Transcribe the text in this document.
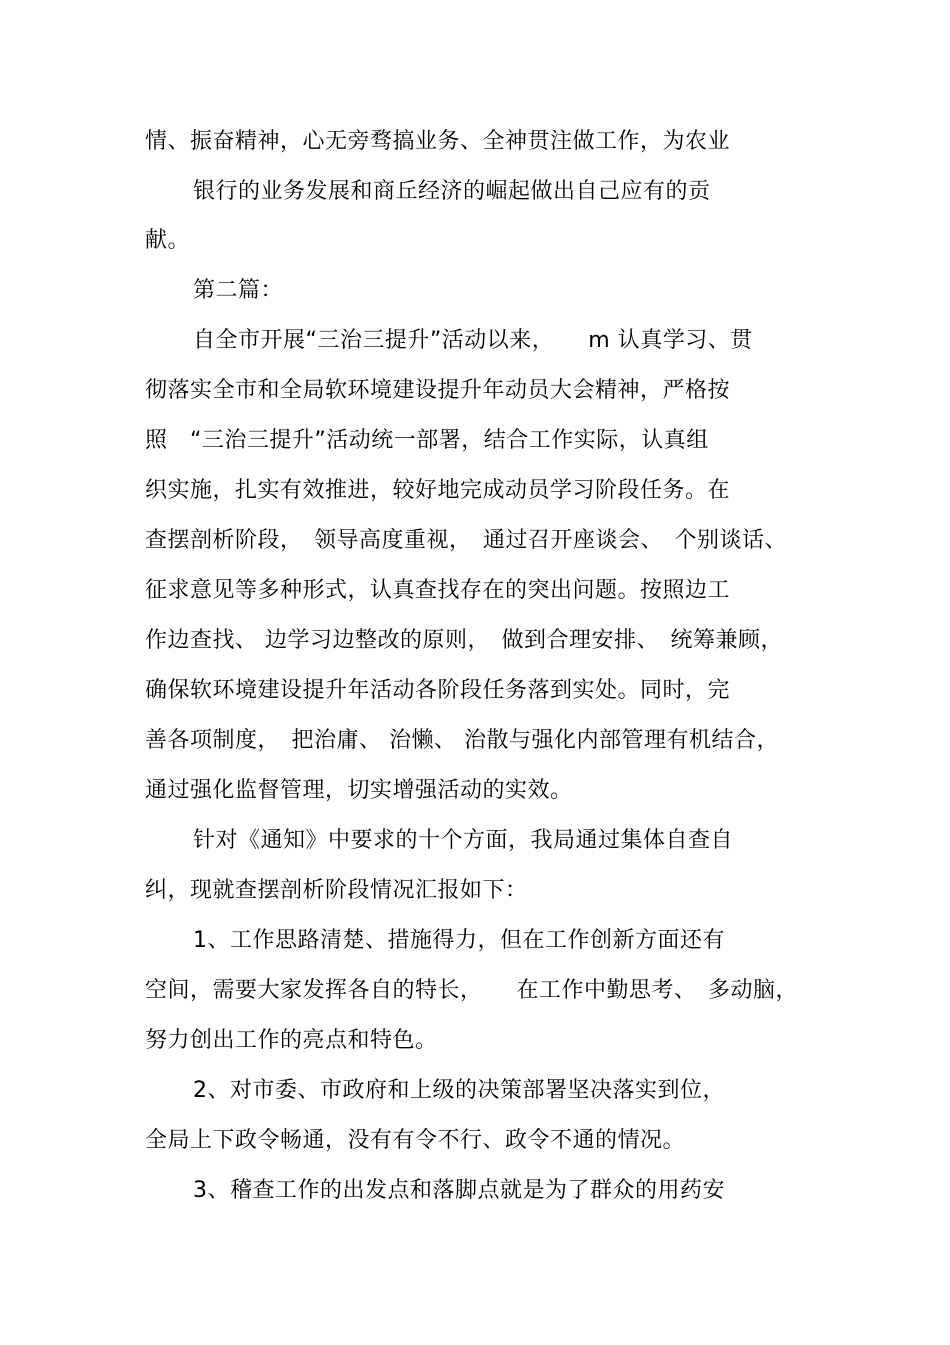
情、振奋精神，心无旁骛搞业务、全神贯注做工作，为农业
银行的业务发展和商丘经济的崛起做出自己应有的贡
献。
第二篇：
自全市开展“三治三提升”活动以来，　　m 认真学习、贯
彻落实全市和全局软环境建设提升年动员大会精神，严格按
照　“三治三提升”活动统一部署，结合工作实际，认真组
织实施，扎实有效推进，较好地完成动员学习阶段任务。在
查摆剖析阶段，　领导高度重视，　通过召开座谈会、　个别谈话、
征求意见等多种形式，认真查找存在的突出问题。按照边工
作边查找、 边学习边整改的原则，　做到合理安排、　统筹兼顾，
确保软环境建设提升年活动各阶段任务落到实处。同时，完
善各项制度，　把治庸、 治懒、 治散与强化内部管理有机结合，
通过强化监督管理，切实增强活动的实效。
针对《通知》中要求的十个方面，我局通过集体自查自
纠，现就查摆剖析阶段情况汇报如下：
1、工作思路清楚、措施得力，但在工作创新方面还有
空间，需要大家发挥各自的特长，　　在工作中勤思考、　多动脑，
努力创出工作的亮点和特色。
2、对市委、市政府和上级的决策部署坚决落实到位，
全局上下政令畅通，没有有令不行、政令不通的情况。
3、稽查工作的出发点和落脚点就是为了群众的用药安
